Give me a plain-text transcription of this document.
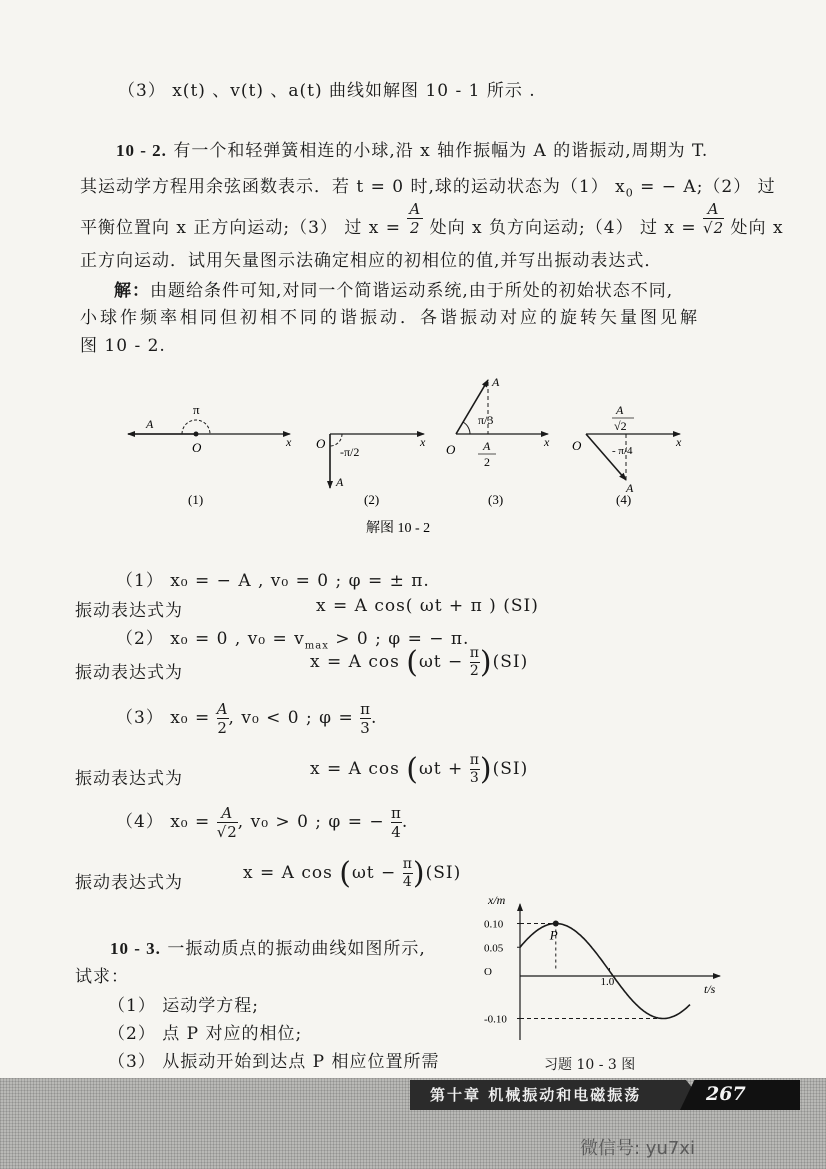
（3） x(t) 、v(t) 、a(t) 曲线如解图 10 - 1 所示 .
10 - 2. 有一个和轻弹簧相连的小球,沿 x 轴作振幅为 A 的谐振动,周期为 T.
其运动学方程用余弦函数表示．若 t = 0 时,球的运动状态为（1） $x_0$ = − A;（2） 过
平衡位置向 x 正方向运动;（3） 过 $x = \frac{A}{2}$ 处向 x 负方向运动;（4） 过 $x = \frac{A}{√2}$ 处向 x
正方向运动．试用矢量图示法确定相应的初相位的值,并写出振动表达式．
解：由题给条件可知,对同一个简谐运动系统,由于所处的初始状态不同,
小球作频率相同但初相不同的谐振动．各谐振动对应的旋转矢量图见解
图 10 - 2.
A
π
O	x
(1)
O
-π/2
x
A
(2)
A
π/3
O	x
A
2
(3)
O
A
√2
- π/4
x
A
(4)
解图 10 - 2
（1） x₀ = − A , v₀ = 0 ; φ = ± π.
振动表达式为	x = A cos( ωt + π ) (SI)
（2） x₀ = 0 , $v_0 = v_{max} > 0$ ; φ = − π.
振动表达式为
x = A $\cos (\omega t - \frac{\pi}{2} )(SI)$
（3） $x_0 = \frac{A}{2}$ , v₀ < 0 ; $\varphi = \frac{\pi}{3}$ .
振动表达式为	x = A $\cos (\omega t + \frac{\pi}{3} )(SI)$
（4） $x_0 = \frac{A}{√2}$ , v₀ > 0 ; φ = − $\frac{\pi}{4}$ .
振动表达式为	x = A $\cos (\omega t - \frac{\pi}{4} )(SI)$
10 - 3. 一振动质点的振动曲线如图所示,
试求：
（1） 运动学方程;
（2） 点 P 对应的相位;
（3） 从振动开始到达点 P 相应位置所需
x/m
t/s
0.10
0.05
O
-0.10
1.0
P
习题 10 - 3 图
第十章 机械振动和电磁振荡	267
微信号: yu7xi
